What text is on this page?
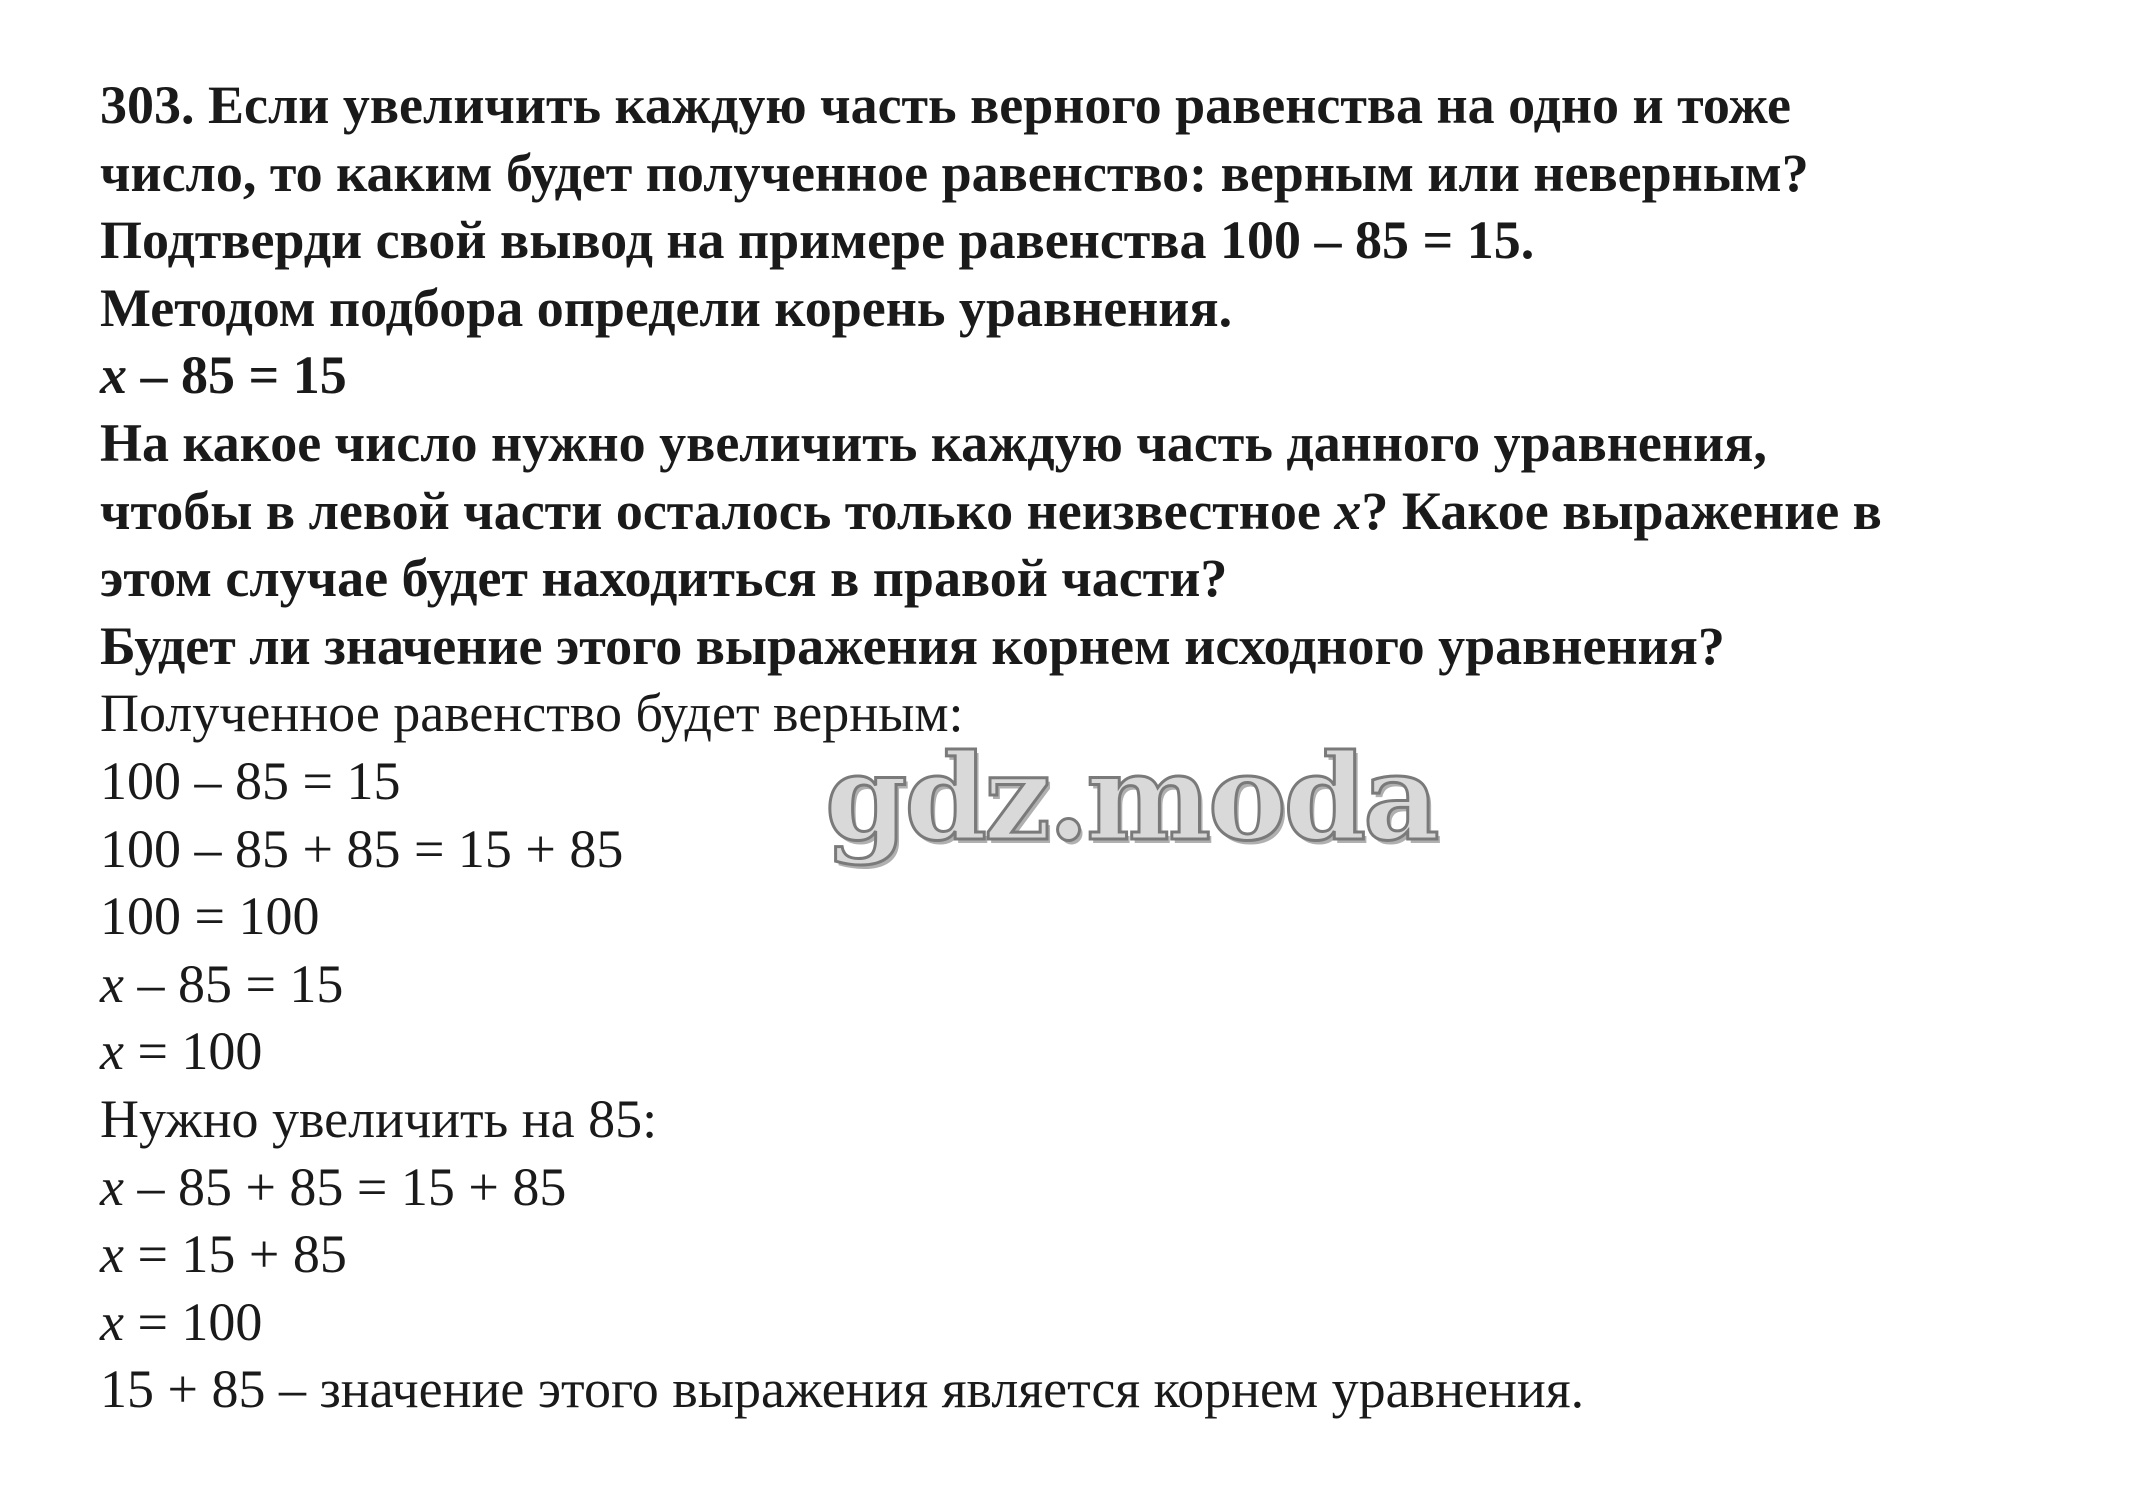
303. Если увеличить каждую часть верного равенства на одно и тоже
число, то каким будет полученное равенство: верным или неверным?
Подтверди свой вывод на примере равенства 100 – 85 = 15.
Методом подбора определи корень уравнения.
x – 85 = 15
На какое число нужно увеличить каждую часть данного уравнения,
чтобы в левой части осталось только неизвестное x? Какое выражение в
этом случае будет находиться в правой части?
Будет ли значение этого выражения корнем исходного уравнения?
Полученное равенство будет верным:
100 – 85 = 15
100 – 85 + 85 = 15 + 85
100 = 100
x – 85 = 15
x = 100
Нужно увеличить на 85:
x – 85 + 85 = 15 + 85
x = 15 + 85
x = 100
15 + 85 – значение этого выражения является корнем уравнения.
gdz.moda
